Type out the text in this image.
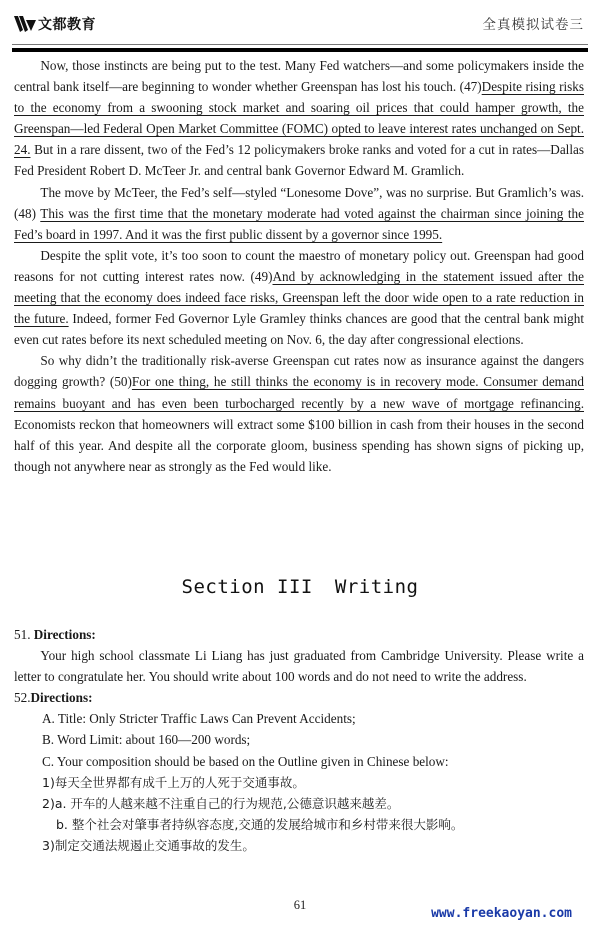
文都教育	全真模拟试卷三

Now, those instincts are being put to the test. Many Fed watchers—and some policymakers inside the central bank itself—are beginning to wonder whether Greenspan has lost his touch. (47)Despite rising risks to the economy from a swooning stock market and soaring oil prices that could hamper growth, the Greenspan—led Federal Open Market Committee (FOMC) opted to leave interest rates unchanged on Sept. 24. But in a rare dissent, two of the Fed’s 12 policymakers broke ranks and voted for a cut in rates—Dallas Fed President Robert D. McTeer Jr. and central bank Governor Edward M. Gramlich.

The move by McTeer, the Fed’s self—styled “Lonesome Dove”, was no surprise. But Gramlich’s was. (48) This was the first time that the monetary moderate had voted against the chairman since joining the Fed’s board in 1997. And it was the first public dissent by a governor since 1995.

Despite the split vote, it’s too soon to count the maestro of monetary policy out. Greenspan had good reasons for not cutting interest rates now. (49)And by acknowledging in the statement issued after the meeting that the economy does indeed face risks, Greenspan left the door wide open to a rate reduction in the future. Indeed, former Fed Governor Lyle Gramley thinks chances are good that the central bank might even cut rates before its next scheduled meeting on Nov. 6, the day after congressional elections.

So why didn’t the traditionally risk-averse Greenspan cut rates now as insurance against the dangers dogging growth? (50)For one thing, he still thinks the economy is in recovery mode. Consumer demand remains buoyant and has even been turbocharged recently by a new wave of mortgage refinancing. Economists reckon that homeowners will extract some $100 billion in cash from their houses in the second half of this year. And despite all the corporate gloom, business spending has shown signs of picking up, though not anywhere near as strongly as the Fed would like.

Section III Writing

51. Directions:

Your high school classmate Li Liang has just graduated from Cambridge University. Please write a letter to congratulate her. You should write about 100 words and do not need to write the address.

52.Directions:

A. Title: Only Stricter Traffic Laws Can Prevent Accidents;

B. Word Limit: about 160—200 words;

C. Your composition should be based on the Outline given in Chinese below:

1)每天全世界都有成千上万的人死于交通事故。

2)a. 开车的人越来越不注重自己的行为规范,公德意识越来越差。

b. 整个社会对肇事者持纵容态度,交通的发展给城市和乡村带来很大影响。

3)制定交通法规遏止交通事故的发生。

61
www.freekaoyan.com
